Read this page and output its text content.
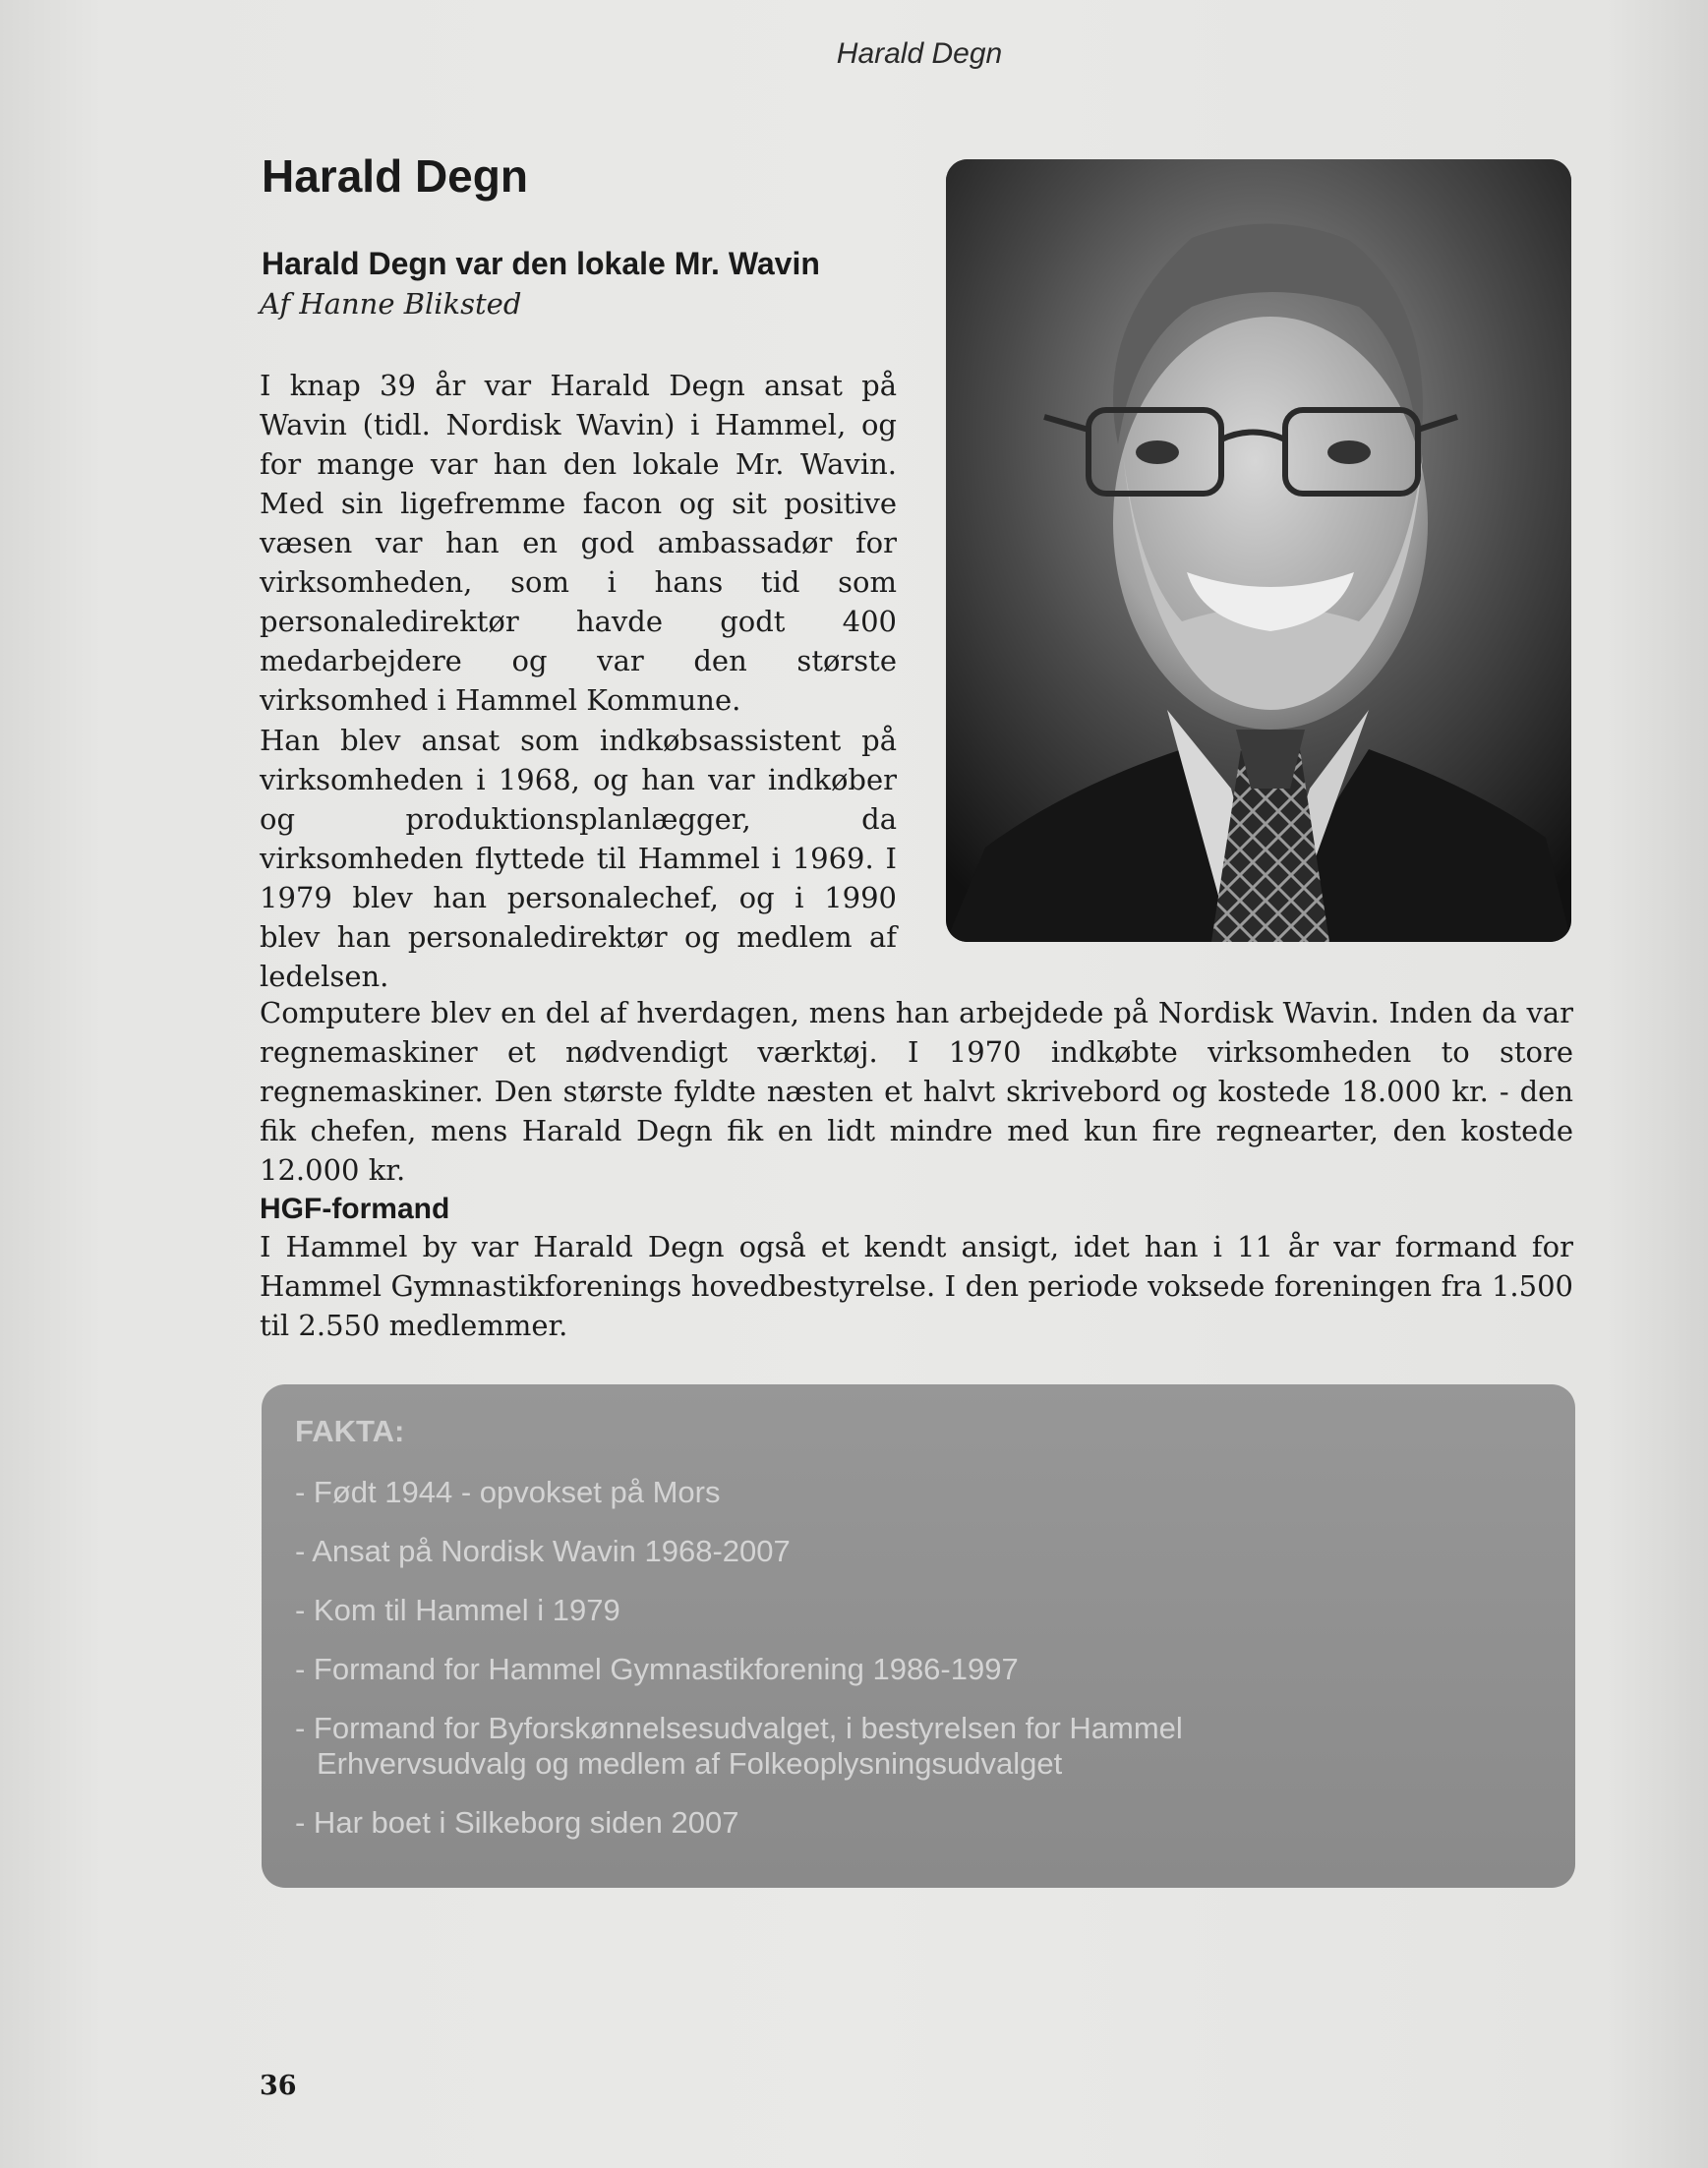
Harald Degn
Harald Degn
Harald Degn var den lokale Mr. Wavin
Af Hanne Bliksted

I knap 39 år var Harald Degn ansat på Wavin (tidl. Nordisk Wavin) i Hammel, og for mange var han den lokale Mr. Wavin. Med sin ligefremme facon og sit positive væsen var han en god ambassadør for virksomheden, som i hans tid som personaledirektør havde godt 400 medarbejdere og var den største virksomhed i Hammel Kommune.

Han blev ansat som indkøbsassistent på virksomheden i 1968, og han var indkøber og produktionsplanlægger, da virksomheden flyttede til Hammel i 1969. I 1979 blev han personalechef, og i 1990 blev han personaledirektør og medlem af ledelsen.

Computere blev en del af hverdagen, mens han arbejdede på Nordisk Wavin. Inden da var regnemaskiner et nødvendigt værktøj. I 1970 indkøbte virksomheden to store regnemaskiner. Den største fyldte næsten et halvt skrivebord og kostede 18.000 kr. - den fik chefen, mens Harald Degn fik en lidt mindre med kun fire regnearter, den kostede 12.000 kr.

HGF-formand

I Hammel by var Harald Degn også et kendt ansigt, idet han i 11 år var formand for Hammel Gymnastikforenings hovedbestyrelse. I den periode voksede foreningen fra 1.500 til 2.550 medlemmer.

FAKTA:
- Født 1944 - opvokset på Mors
- Ansat på Nordisk Wavin 1968-2007
- Kom til Hammel i 1979
- Formand for Hammel Gymnastikforening 1986-1997
- Formand for Byforskønnelsesudvalget, i bestyrelsen for Hammel Erhvervsudvalg og medlem af Folkeoplysningsudvalget
- Har boet i Silkeborg siden 2007
36
